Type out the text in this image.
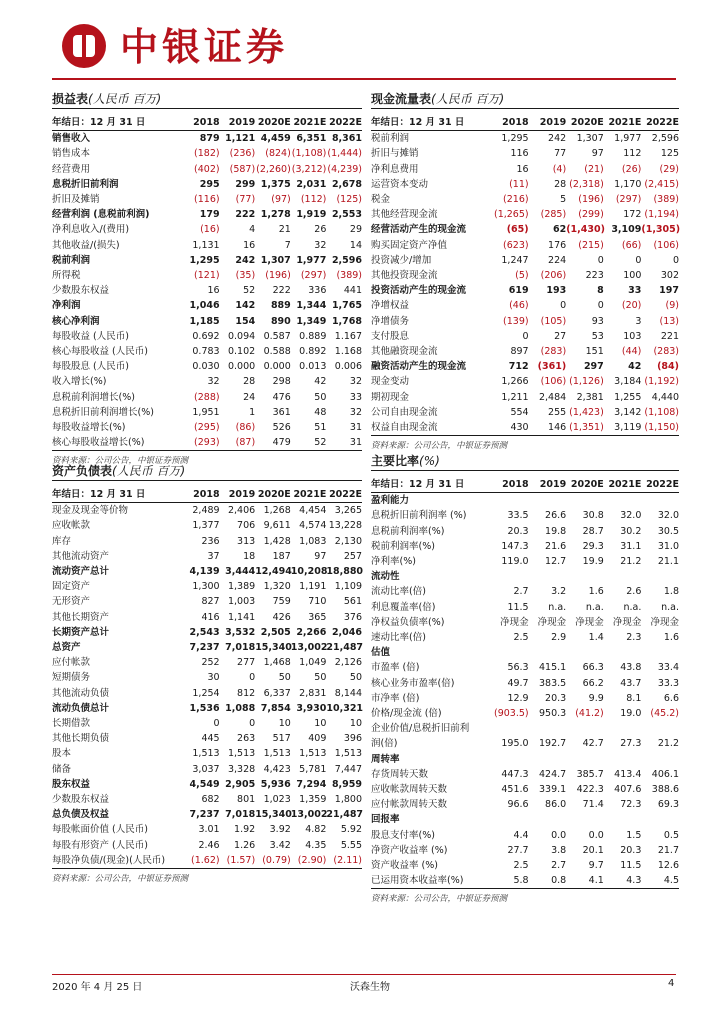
中银证券
损益表(人民币 百万)
年结日：12 月 31 日	2018	2019	2020E	2021E	2022E
销售收入	879	1,121	4,459	6,351	8,361
销售成本	(182)	(236)	(824)	(1,108)	(1,444)
经营费用	(402)	(587)	(2,260)	(3,212)	(4,239)
息税折旧前利润	295	299	1,375	2,031	2,678
折旧及摊销	(116)	(77)	(97)	(112)	(125)
经营利润 (息税前利润)	179	222	1,278	1,919	2,553
净利息收入/(费用)	(16)	4	21	26	29
其他收益/(损失)	1,131	16	7	32	14
税前利润	1,295	242	1,307	1,977	2,596
所得税	(121)	(35)	(196)	(297)	(389)
少数股东权益	16	52	222	336	441
净利润	1,046	142	889	1,344	1,765
核心净利润	1,185	154	890	1,349	1,768
每股收益 (人民币)	0.692	0.094	0.587	0.889	1.167
核心每股收益 (人民币)	0.783	0.102	0.588	0.892	1.168
每股股息 (人民币)	0.030	0.000	0.000	0.013	0.006
收入增长(%)	32	28	298	42	32
息税前利润增长(%)	(288)	24	476	50	33
息税折旧前利润增长(%)	1,951	1	361	48	32
每股收益增长(%)	(295)	(86)	526	51	31
核心每股收益增长(%)	(293)	(87)	479	52	31
资料来源：公司公告，中银证券预测
现金流量表(人民币 百万)
年结日：12 月 31 日	2018	2019	2020E	2021E	2022E
税前利润	1,295	242	1,307	1,977	2,596
折旧与摊销	116	77	97	112	125
净利息费用	16	(4)	(21)	(26)	(29)
运营资本变动	(11)	28	(2,318)	1,170	(2,415)
税金	(216)	5	(196)	(297)	(389)
其他经营现金流	(1,265)	(285)	(299)	172	(1,194)
经营活动产生的现金流	(65)	62	(1,430)	3,109	(1,305)
购买固定资产净值	(623)	176	(215)	(66)	(106)
投资减少/增加	1,247	224	0	0	0
其他投资现金流	(5)	(206)	223	100	302
投资活动产生的现金流	619	193	8	33	197
净增权益	(46)	0	0	(20)	(9)
净增债务	(139)	(105)	93	3	(13)
支付股息	0	27	53	103	221
其他融资现金流	897	(283)	151	(44)	(283)
融资活动产生的现金流	712	(361)	297	42	(84)
现金变动	1,266	(106)	(1,126)	3,184	(1,192)
期初现金	1,211	2,484	2,381	1,255	4,440
公司自由现金流	554	255	(1,423)	3,142	(1,108)
权益自由现金流	430	146	(1,351)	3,119	(1,150)
资料来源：公司公告，中银证券预测
资产负债表(人民币 百万)
年结日：12 月 31 日	2018	2019	2020E	2021E	2022E
现金及现金等价物	2,489	2,406	1,268	4,454	3,265
应收帐款	1,377	706	9,611	4,574	13,228
库存	236	313	1,428	1,083	2,130
其他流动资产	37	18	187	97	257
流动资产总计	4,139	3,444	12,494	10,208	18,880
固定资产	1,300	1,389	1,320	1,191	1,109
无形资产	827	1,003	759	710	561
其他长期资产	416	1,141	426	365	376
长期资产总计	2,543	3,532	2,505	2,266	2,046
总资产	7,237	7,018	15,340	13,002	21,487
应付帐款	252	277	1,468	1,049	2,126
短期债务	30	0	50	50	50
其他流动负债	1,254	812	6,337	2,831	8,144
流动负债总计	1,536	1,088	7,854	3,930	10,321
长期借款	0	0	10	10	10
其他长期负债	445	263	517	409	396
股本	1,513	1,513	1,513	1,513	1,513
储备	3,037	3,328	4,423	5,781	7,447
股东权益	4,549	2,905	5,936	7,294	8,959
少数股东权益	682	801	1,023	1,359	1,800
总负债及权益	7,237	7,018	15,340	13,002	21,487
每股帐面价值 (人民币)	3.01	1.92	3.92	4.82	5.92
每股有形资产 (人民币)	2.46	1.26	3.42	4.35	5.55
每股净负债/(现金)(人民币)	(1.62)	(1.57)	(0.79)	(2.90)	(2.11)
资料来源：公司公告，中银证券预测
主要比率(%)
年结日：12 月 31 日	2018	2019	2020E	2021E	2022E
盈利能力					
息税折旧前利润率 (%)	33.5	26.6	30.8	32.0	32.0
息税前利润率(%)	20.3	19.8	28.7	30.2	30.5
税前利润率(%)	147.3	21.6	29.3	31.1	31.0
净利率(%)	119.0	12.7	19.9	21.2	21.1
流动性					
流动比率(倍)	2.7	3.2	1.6	2.6	1.8
利息覆盖率(倍)	11.5	n.a.	n.a.	n.a.	n.a.
净权益负债率(%)	净现金	净现金	净现金	净现金	净现金
速动比率(倍)	2.5	2.9	1.4	2.3	1.6
估值					
市盈率 (倍)	56.3	415.1	66.3	43.8	33.4
核心业务市盈率(倍)	49.7	383.5	66.2	43.7	33.3
市净率 (倍)	12.9	20.3	9.9	8.1	6.6
价格/现金流 (倍)	(903.5)	950.3	(41.2)	19.0	(45.2)
企业价值/息税折旧前利					
润(倍)	195.0	192.7	42.7	27.3	21.2
周转率					
存货周转天数	447.3	424.7	385.7	413.4	406.1
应收帐款周转天数	451.6	339.1	422.3	407.6	388.6
应付帐款周转天数	96.6	86.0	71.4	72.3	69.3
回报率					
股息支付率(%)	4.4	0.0	0.0	1.5	0.5
净资产收益率 (%)	27.7	3.8	20.1	20.3	21.7
资产收益率 (%)	2.5	2.7	9.7	11.5	12.6
已运用资本收益率(%)	5.8	0.8	4.1	4.3	4.5
资料来源：公司公告，中银证券预测
2020 年 4 月 25 日	沃森生物	4
